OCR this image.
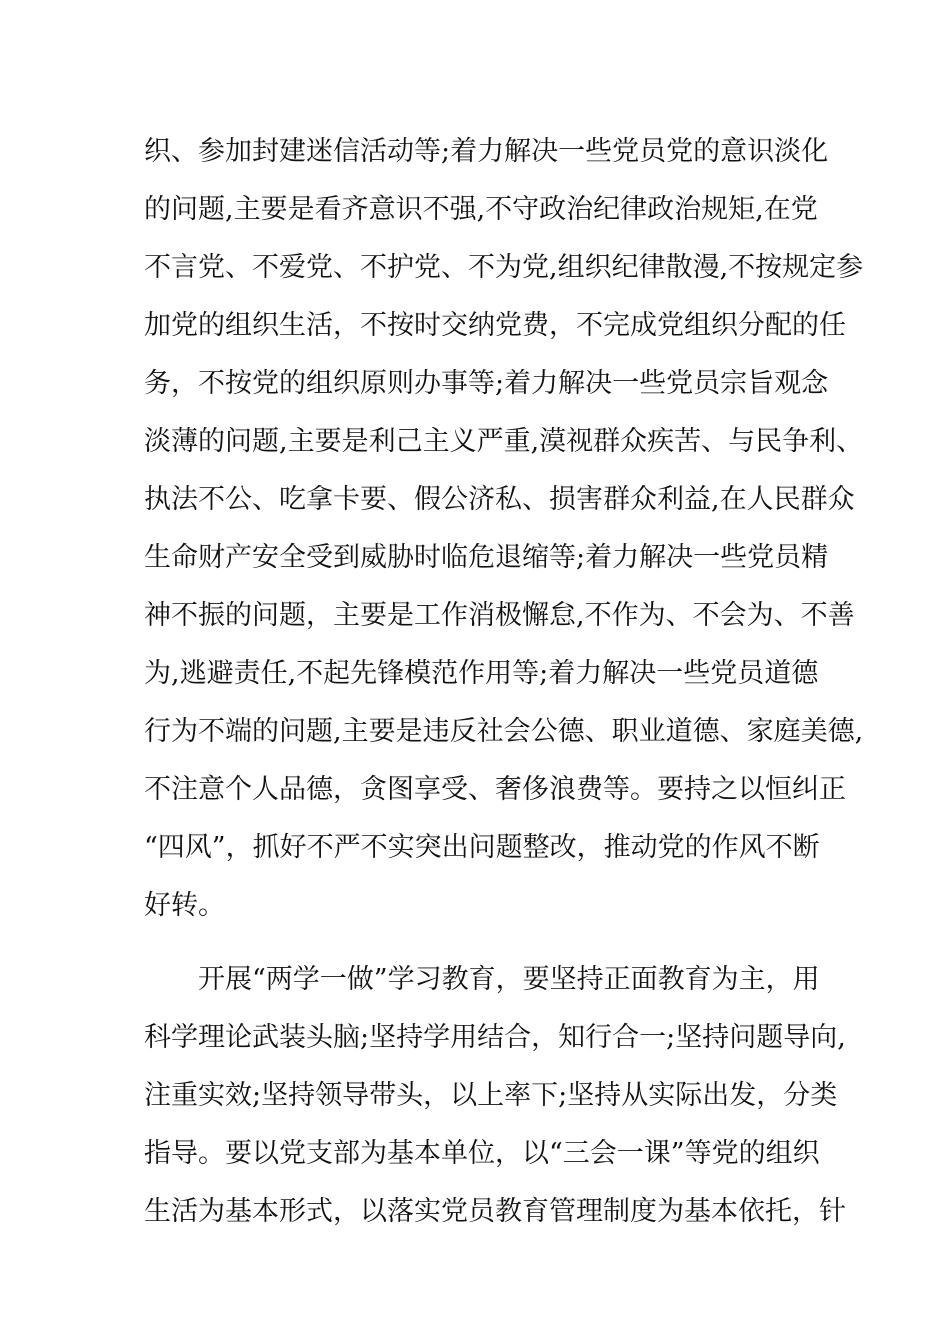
织、参加封建迷信活动等;着力解决一些党员党的意识淡化
的问题,主要是看齐意识不强,不守政治纪律政治规矩,在党
不言党、不爱党、不护党、不为党,组织纪律散漫,不按规定参
加党的组织生活，不按时交纳党费，不完成党组织分配的任
务，不按党的组织原则办事等;着力解决一些党员宗旨观念
淡薄的问题,主要是利己主义严重,漠视群众疾苦、与民争利、
执法不公、吃拿卡要、假公济私、损害群众利益,在人民群众
生命财产安全受到威胁时临危退缩等;着力解决一些党员精
神不振的问题，主要是工作消极懈怠,不作为、不会为、不善
为,逃避责任,不起先锋模范作用等;着力解决一些党员道德
行为不端的问题,主要是违反社会公德、职业道德、家庭美德,
不注意个人品德，贪图享受、奢侈浪费等。要持之以恒纠正
“四风”，抓好不严不实突出问题整改，推动党的作风不断
好转。
开展“两学一做”学习教育，要坚持正面教育为主，用
科学理论武装头脑;坚持学用结合，知行合一;坚持问题导向,
注重实效;坚持领导带头，以上率下;坚持从实际出发，分类
指导。要以党支部为基本单位，以“三会一课”等党的组织
生活为基本形式，以落实党员教育管理制度为基本依托，针
